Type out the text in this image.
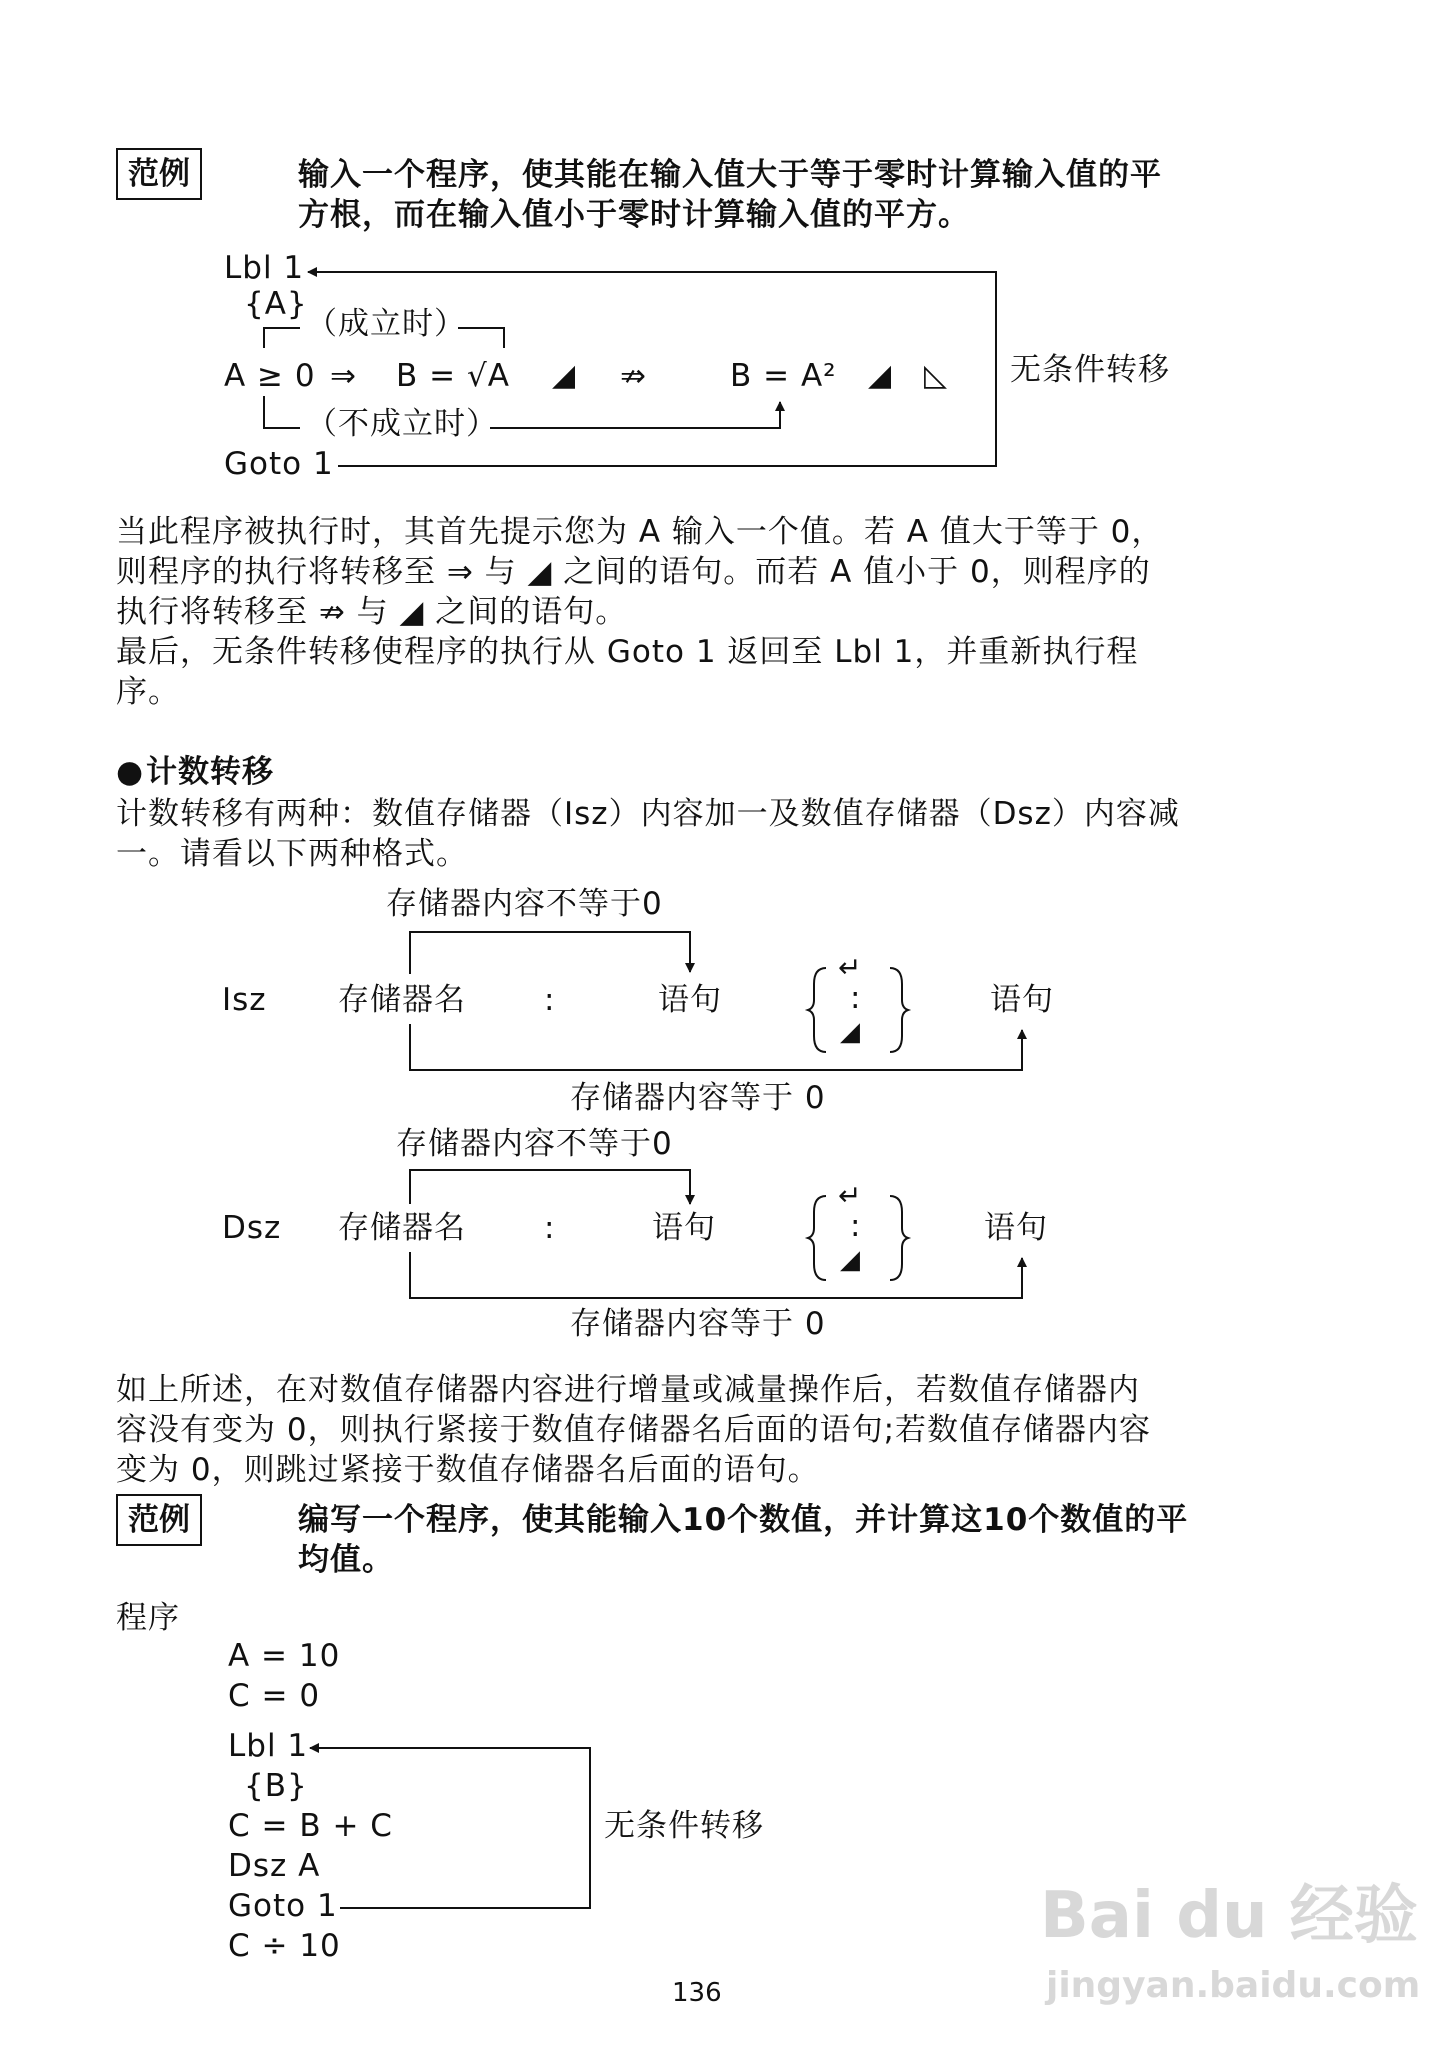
范例	输入一个程序，使其能在输入值大于等于零时计算输入值的平
方根，而在输入值小于零时计算输入值的平方。
Lbl 1
{A}
（成立时）
A ≥ 0 ⇒ B = √A ◢ ⇏	B = A² ◢ ◺ 无条件转移
（不成立时）
Goto 1
当此程序被执行时，其首先提示您为 A 输入一个值。若 A 值大于等于 0，
则程序的执行将转移至 ⇒ 与 ◢ 之间的语句。而若 A 值小于 0，则程序的
执行将转移至 ⇏ 与 ◢ 之间的语句。
最后，无条件转移使程序的执行从 Goto 1 返回至 Lbl 1，并重新执行程
序。
● 计数转移
计数转移有两种：数值存储器（Isz）内容加一及数值存储器（Dsz）内容减
一。请看以下两种格式。
存储器内容不等于0
Isz 存储器名	:	语句
↵
:
◢
语句
存储器内容等于 0
存储器内容不等于0
Dsz 存储器名	:	语句
↵
:
◢
语句
存储器内容等于 0
如上所述，在对数值存储器内容进行增量或减量操作后，若数值存储器内
容没有变为 0，则执行紧接于数值存储器名后面的语句;若数值存储器内容
变为 0，则跳过紧接于数值存储器名后面的语句。
范例	编写一个程序，使其能输入10个数值，并计算这10个数值的平
均值。
程序
A = 10
C = 0
Lbl 1
{B}
C = B + C
Dsz A
Goto 1
C ÷ 10
无条件转移
136
Bai du 经验
jingyan.baidu.com
